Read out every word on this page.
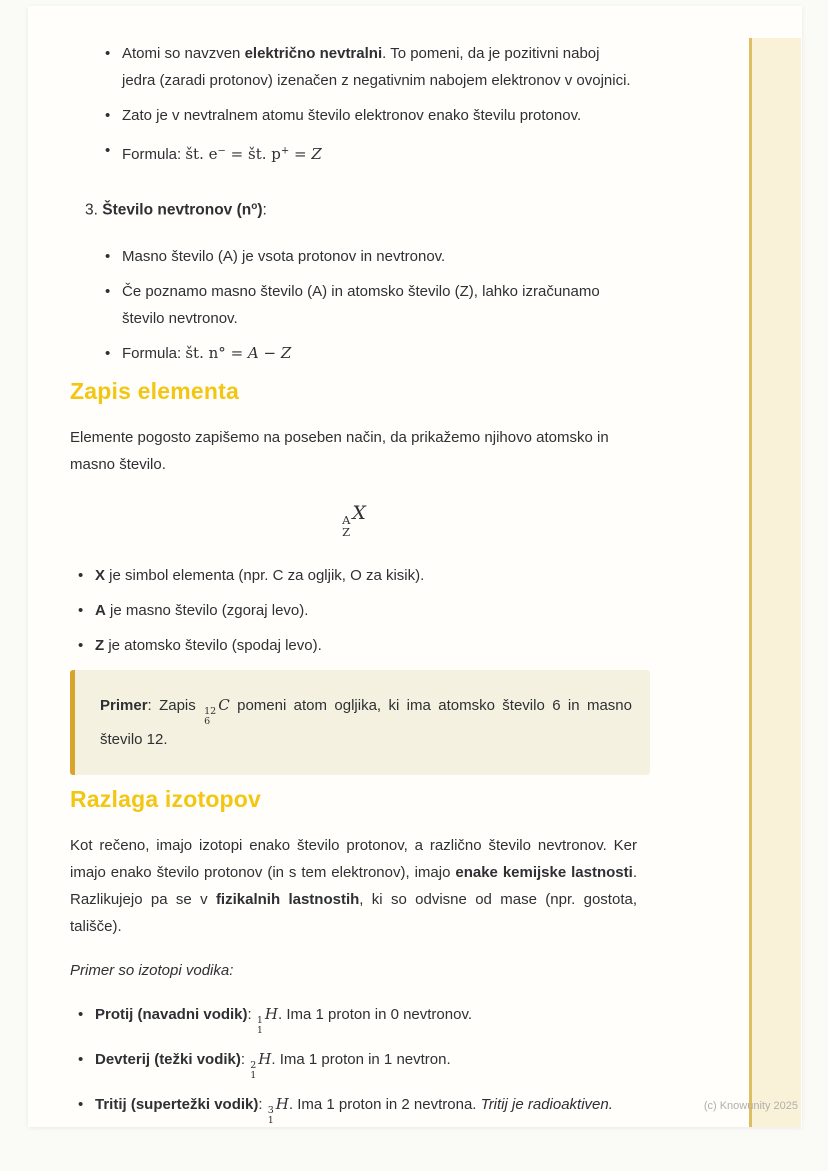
• Atomi so navzven električno nevtralni. To pomeni, da je pozitivni naboj jedra (zaradi protonov) izenačen z negativnim nabojem elektronov v ovojnici.
• Zato je v nevtralnem atomu število elektronov enako številu protonov.
• Formula: št. e− = št. p+ = Z
3. Število nevtronov $(n^o)$:
• Masno število (A) je vsota protonov in nevtronov.
• Če poznamo masno število (A) in atomsko število (Z), lahko izračunamo število nevtronov.
• Formula: št. n° = A − Z
Zapis elementa
Elemente pogosto zapišemo na poseben način, da prikažemo njihovo atomsko in masno število.
A
Z
X
• X je simbol elementa (npr. C za ogljik, O za kisik).
• A je masno število (zgoraj levo).
• Z je atomsko število (spodaj levo).
Primer: Zapis 12
6
C pomeni atom ogljika, ki ima atomsko število 6 in masno število 12.
Razlaga izotopov
Kot rečeno, imajo izotopi enako število protonov, a različno število nevtronov. Ker imajo enako število protonov (in s tem elektronov), imajo enake kemijske lastnosti. Razlikujejo pa se v fizikalnih lastnostih, ki so odvisne od mase (npr. gostota, tališče).
Primer so izotopi vodika:
• Protij (navadni vodik): 1
1
H. Ima 1 proton in 0 nevtronov.
• Devterij (težki vodik): 2
1
H. Ima 1 proton in 1 nevtron.
• Tritij (supertežki vodik): 3
1
H. Ima 1 proton in 2 nevtrona. Tritij je radioaktiven.	(c) Knowunity 2025
